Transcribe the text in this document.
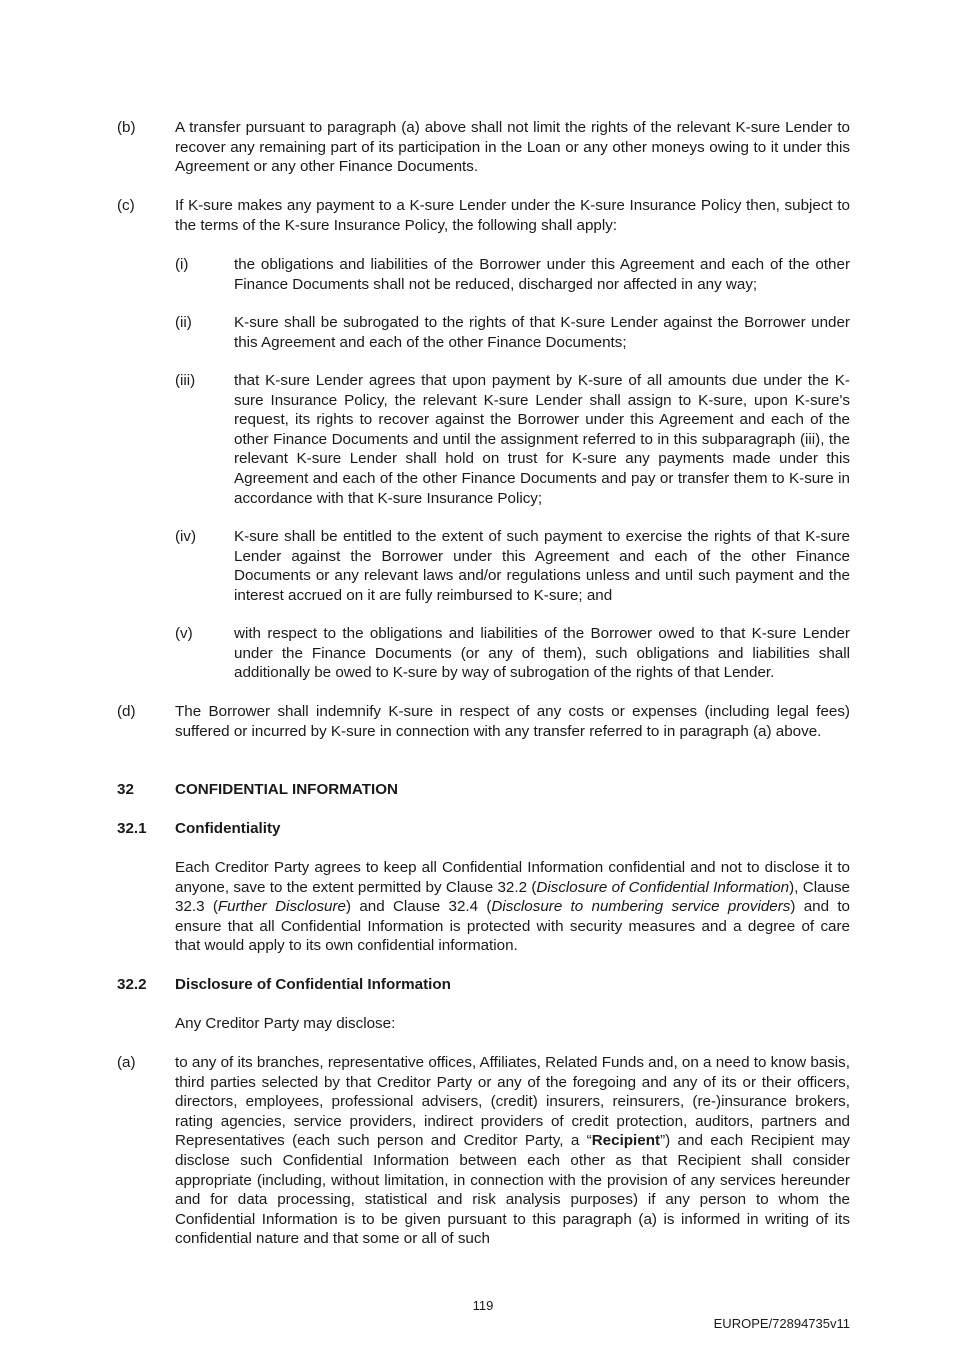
(b)	A transfer pursuant to paragraph (a) above shall not limit the rights of the relevant K-sure Lender to recover any remaining part of its participation in the Loan or any other moneys owing to it under this Agreement or any other Finance Documents.
(c)	If K-sure makes any payment to a K-sure Lender under the K-sure Insurance Policy then, subject to the terms of the K-sure Insurance Policy, the following shall apply:
(i)	the obligations and liabilities of the Borrower under this Agreement and each of the other Finance Documents shall not be reduced, discharged nor affected in any way;
(ii)	K-sure shall be subrogated to the rights of that K-sure Lender against the Borrower under this Agreement and each of the other Finance Documents;
(iii)	that K-sure Lender agrees that upon payment by K-sure of all amounts due under the K-sure Insurance Policy, the relevant K-sure Lender shall assign to K-sure, upon K-sure's request, its rights to recover against the Borrower under this Agreement and each of the other Finance Documents and until the assignment referred to in this subparagraph (iii), the relevant K-sure Lender shall hold on trust for K-sure any payments made under this Agreement and each of the other Finance Documents and pay or transfer them to K-sure in accordance with that K-sure Insurance Policy;
(iv) K-sure shall be entitled to the extent of such payment to exercise the rights of that K-sure Lender against the Borrower under this Agreement and each of the other Finance Documents or any relevant laws and/or regulations unless and until such payment and the interest accrued on it are fully reimbursed to K-sure; and
(v)	with respect to the obligations and liabilities of the Borrower owed to that K-sure Lender under the Finance Documents (or any of them), such obligations and liabilities shall additionally be owed to K-sure by way of subrogation of the rights of that Lender.
(d)	The Borrower shall indemnify K-sure in respect of any costs or expenses (including legal fees) suffered or incurred by K-sure in connection with any transfer referred to in paragraph (a) above.
32	CONFIDENTIAL INFORMATION
32.1 Confidentiality
Each Creditor Party agrees to keep all Confidential Information confidential and not to disclose it to anyone, save to the extent permitted by Clause 32.2 (Disclosure of Confidential Information), Clause 32.3 (Further Disclosure) and Clause 32.4 (Disclosure to numbering service providers) and to ensure that all Confidential Information is protected with security measures and a degree of care that would apply to its own confidential information.
32.2 Disclosure of Confidential Information
Any Creditor Party may disclose:
(a)	to any of its branches, representative offices, Affiliates, Related Funds and, on a need to know basis, third parties selected by that Creditor Party or any of the foregoing and any of its or their officers, directors, employees, professional advisers, (credit) insurers, reinsurers, (re-)insurance brokers, rating agencies, service providers, indirect providers of credit protection, auditors, partners and Representatives (each such person and Creditor Party, a “Recipient”) and each Recipient may disclose such Confidential Information between each other as that Recipient shall consider appropriate (including, without limitation, in connection with the provision of any services hereunder and for data processing, statistical and risk analysis purposes) if any person to whom the Confidential Information is to be given pursuant to this paragraph (a) is informed in writing of its confidential nature and that some or all of such
119
EUROPE/72894735v11
